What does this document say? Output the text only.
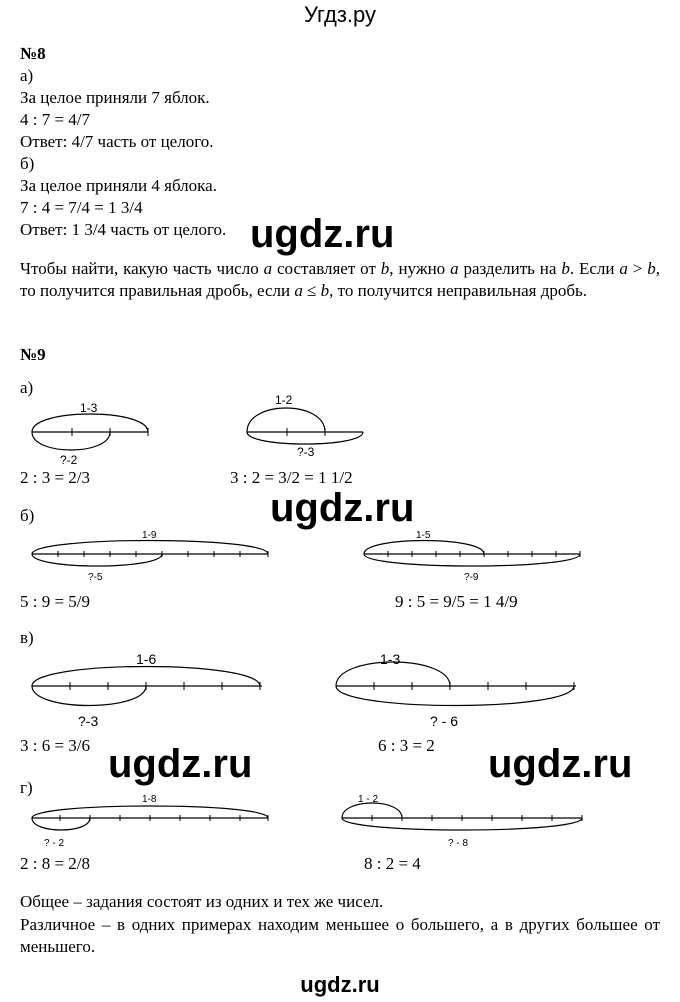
Угдз.ру
№8
а)
За целое приняли 7 яблок.
4 : 7 = 4/7
Ответ: 4/7 часть от целого.
б)
За целое приняли 4 яблока.
7 : 4 = 7/4 = 1 3/4
Ответ: 1 3/4 часть от целого. ugdz.ru
Чтобы найти, какую часть число a составляет от b, нужно a разделить на b. Если a > b, то получится правильная дробь, если a ≤ b, то получится неправильная дробь.
№9
а)
1-3
?-2
2 : 3 = 2/3
1-2
?-3
3 : 2 = 3/2 = 1 1/2
ugdz.ru
б)
1-9
?-5
5 : 9 = 5/9
1-5
?-9
9 : 5 = 9/5 = 1 4/9
в)
1-6
?-3
3 : 6 = 3/6
1-3
? - 6
6 : 3 = 2
ugdz.ru	ugdz.ru
г)
1-8
? - 2
2 : 8 = 2/8
1 - 2
? - 8
8 : 2 = 4
Общее – задания состоят из одних и тех же чисел.
Различное – в одних примерах находим меньшее о большего, а в других большее от меньшего.
ugdz.ru
